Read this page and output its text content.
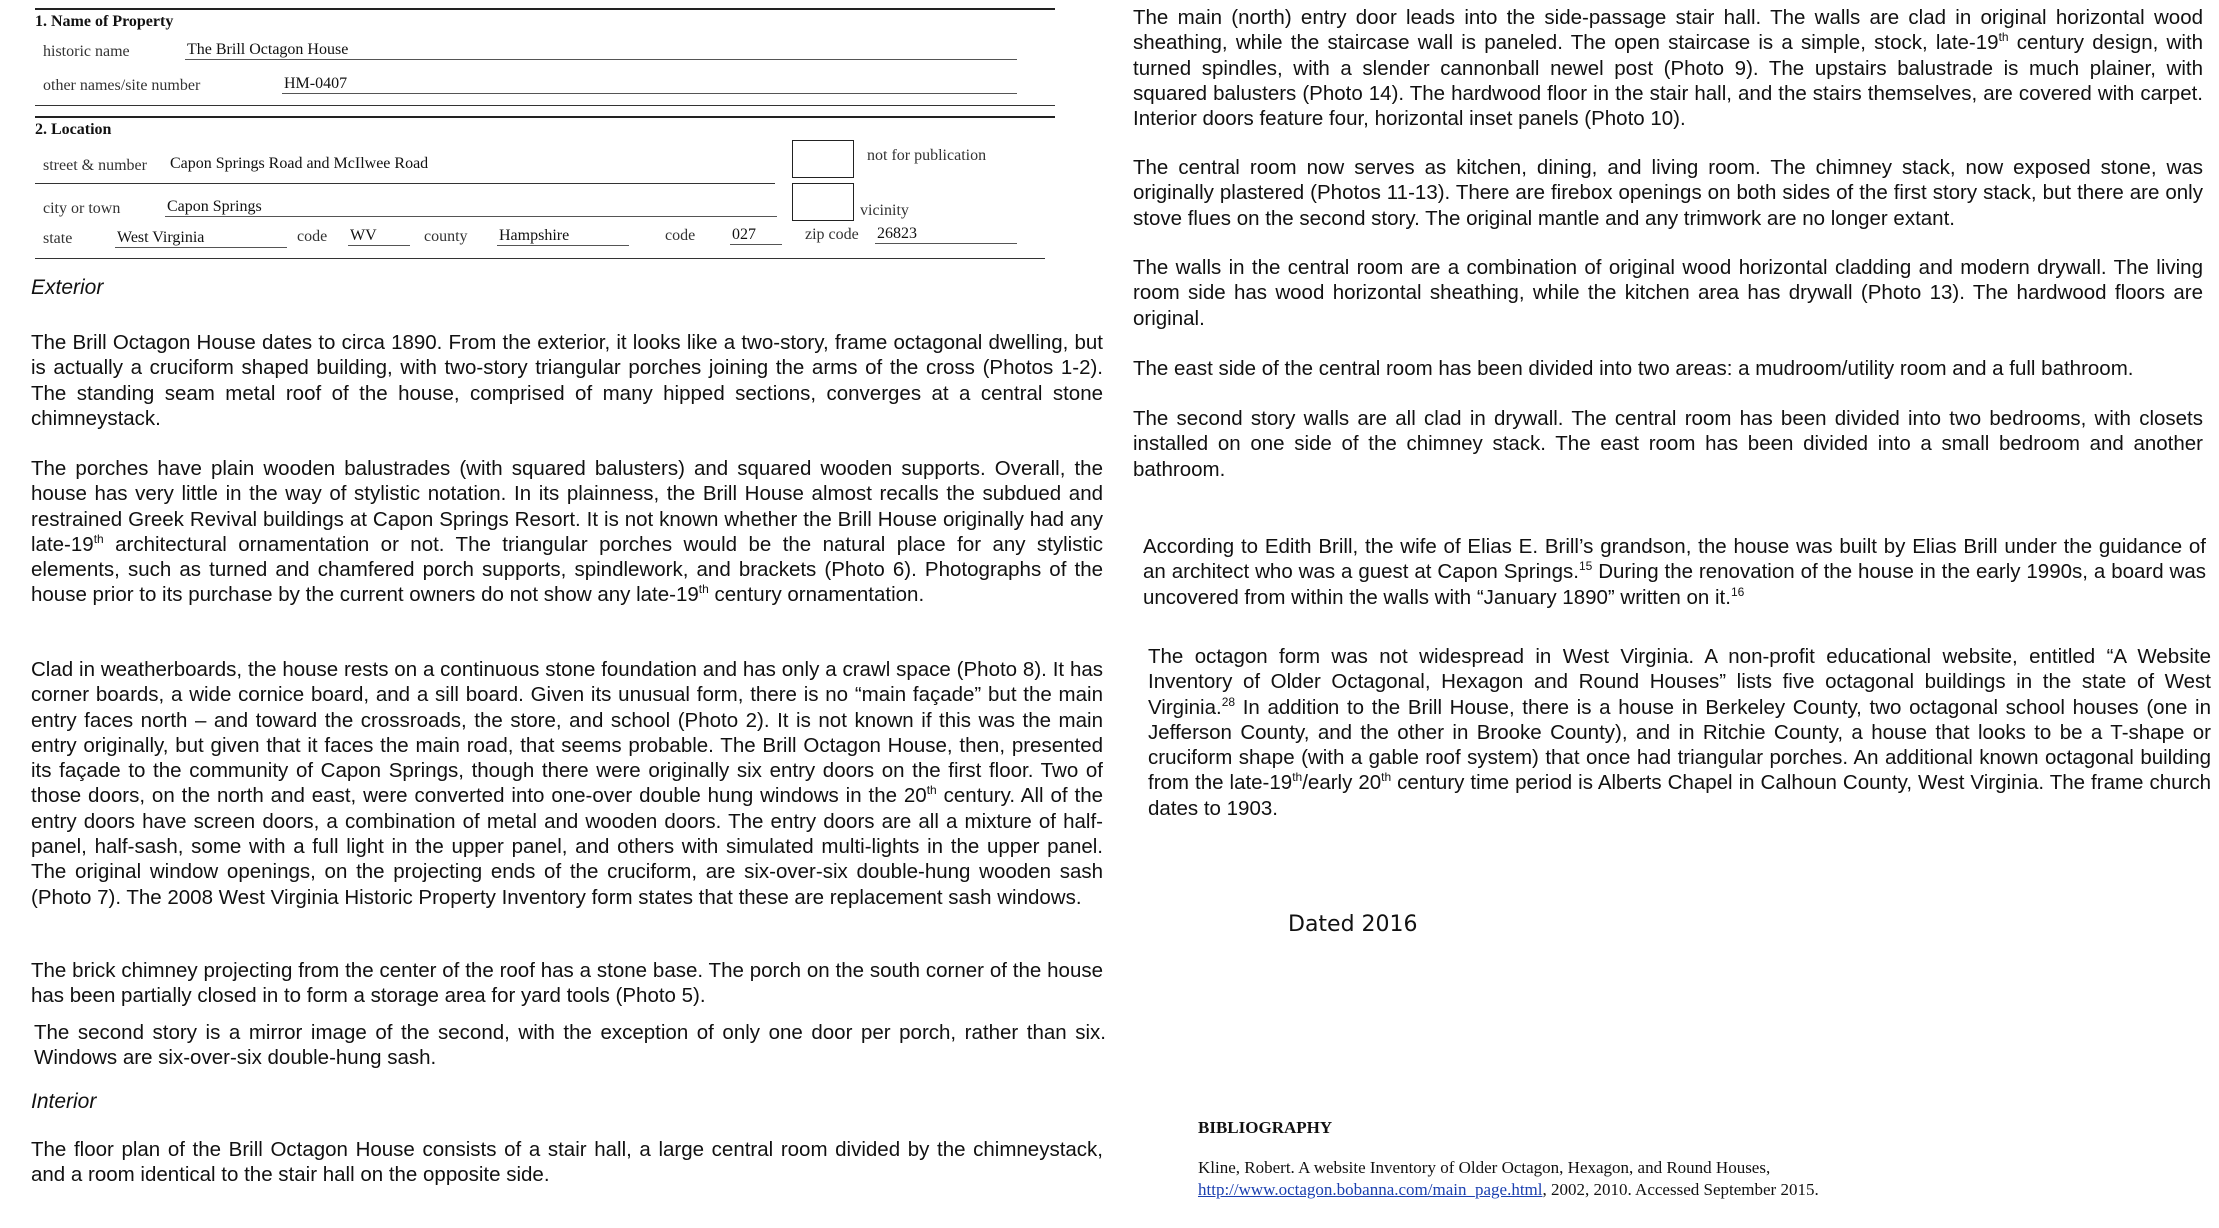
1. Name of Property
historic name	The Brill Octagon House
other names/site number	HM-0407
2. Location
street & number Capon Springs Road and McIlwee Road	not for publication
city or town	Capon Springs	vicinity
state	West Virginia	code WV	county Hampshire	code 027	zip code 26823
Exterior
The Brill Octagon House dates to circa 1890. From the exterior, it looks like a two-story, frame octagonal dwelling, but is actually a cruciform shaped building, with two-story triangular porches joining the arms of the cross (Photos 1-2). The standing seam metal roof of the house, comprised of many hipped sections, converges at a central stone chimneystack.

The porches have plain wooden balustrades (with squared balusters) and squared wooden supports. Overall, the house has very little in the way of stylistic notation. In its plainness, the Brill House almost recalls the subdued and restrained Greek Revival buildings at Capon Springs Resort. It is not known whether the Brill House originally had any late-19th architectural ornamentation or not. The triangular porches would be the natural place for any stylistic elements, such as turned and chamfered porch supports, spindlework, and brackets (Photo 6). Photographs of the house prior to its purchase by the current owners do not show any late-19th century ornamentation.

Clad in weatherboards, the house rests on a continuous stone foundation and has only a crawl space (Photo 8). It has corner boards, a wide cornice board, and a sill board. Given its unusual form, there is no “main façade” but the main entry faces north – and toward the crossroads, the store, and school (Photo 2). It is not known if this was the main entry originally, but given that it faces the main road, that seems probable. The Brill Octagon House, then, presented its façade to the community of Capon Springs, though there were originally six entry doors on the first floor. Two of those doors, on the north and east, were converted into one-over double hung windows in the 20th century. All of the entry doors have screen doors, a combination of metal and wooden doors. The entry doors are all a mixture of half-panel, half-sash, some with a full light in the upper panel, and others with simulated multi-lights in the upper panel. The original window openings, on the projecting ends of the cruciform, are six-over-six double-hung wooden sash (Photo 7). The 2008 West Virginia Historic Property Inventory form states that these are replacement sash windows.

The brick chimney projecting from the center of the roof has a stone base. The porch on the south corner of the house has been partially closed in to form a storage area for yard tools (Photo 5).
The second story is a mirror image of the second, with the exception of only one door per porch, rather than six. Windows are six-over-six double-hung sash.
Interior
The floor plan of the Brill Octagon House consists of a stair hall, a large central room divided by the chimneystack, and a room identical to the stair hall on the opposite side.

The main (north) entry door leads into the side-passage stair hall. The walls are clad in original horizontal wood sheathing, while the staircase wall is paneled. The open staircase is a simple, stock, late-19th century design, with turned spindles, with a slender cannonball newel post (Photo 9). The upstairs balustrade is much plainer, with squared balusters (Photo 14). The hardwood floor in the stair hall, and the stairs themselves, are covered with carpet. Interior doors feature four, horizontal inset panels (Photo 10).

The central room now serves as kitchen, dining, and living room. The chimney stack, now exposed stone, was originally plastered (Photos 11-13). There are firebox openings on both sides of the first story stack, but there are only stove flues on the second story. The original mantle and any trimwork are no longer extant.
The walls in the central room are a combination of original wood horizontal cladding and modern drywall. The living room side has wood horizontal sheathing, while the kitchen area has drywall (Photo 13). The hardwood floors are original.
The east side of the central room has been divided into two areas: a mudroom/utility room and a full bathroom.
The second story walls are all clad in drywall. The central room has been divided into two bedrooms, with closets installed on one side of the chimney stack. The east room has been divided into a small bedroom and another bathroom.

According to Edith Brill, the wife of Elias E. Brill’s grandson, the house was built by Elias Brill under the guidance of an architect who was a guest at Capon Springs.$^{15}$ During the renovation of the house in the early 1990s, a board was uncovered from within the walls with “January 1890” written on it.$^{16}$

The octagon form was not widespread in West Virginia. A non-profit educational website, entitled “A Website Inventory of Older Octagonal, Hexagon and Round Houses” lists five octagonal buildings in the state of West Virginia.$^{28}$ In addition to the Brill House, there is a house in Berkeley County, two octagonal school houses (one in Jefferson County, and the other in Brooke County), and in Ritchie County, a house that looks to be a T-shape or cruciform shape (with a gable roof system) that once had triangular porches. An additional known octagonal building from the late-19th/early 20th century time period is Alberts Chapel in Calhoun County, West Virginia. The frame church dates to 1903.

Dated 2016
BIBLIOGRAPHY
Kline, Robert. A website Inventory of Older Octagon, Hexagon, and Round Houses,
http://www.octagon.bobanna.com/main_page.html, 2002, 2010. Accessed September 2015.
